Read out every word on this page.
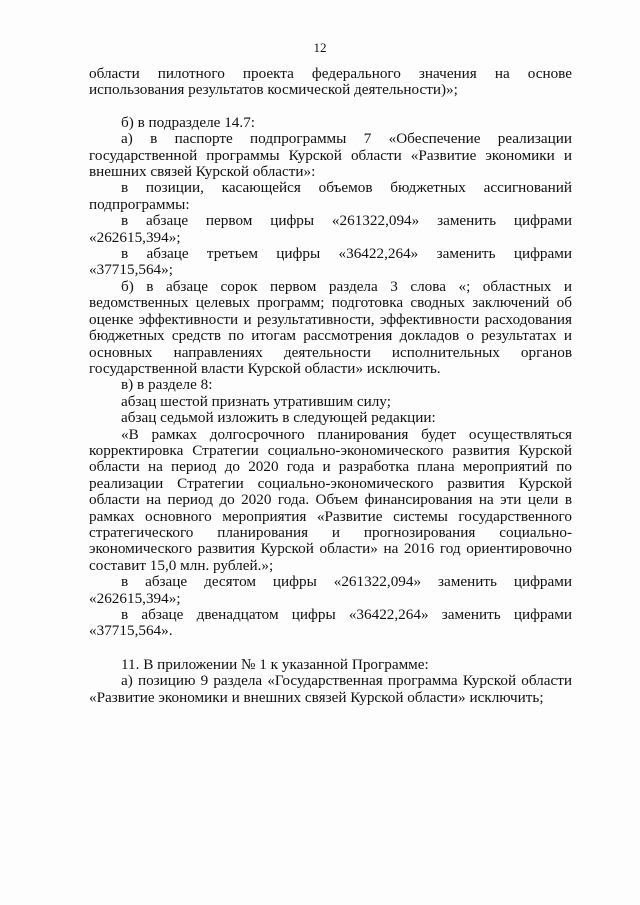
12

области пилотного проекта федерального значения на основе использования результатов космической деятельности)»;

б) в подразделе 14.7:

а) в паспорте подпрограммы 7 «Обеспечение реализации государственной программы Курской области «Развитие экономики и внешних связей Курской области»:

в позиции, касающейся объемов бюджетных ассигнований подпрограммы:

в абзаце первом цифры «261322,094» заменить цифрами «262615,394»;

в абзаце третьем цифры «36422,264» заменить цифрами «37715,564»;

б) в абзаце сорок первом раздела 3 слова «; областных и ведомственных целевых программ; подготовка сводных заключений об оценке эффективности и результативности, эффективности расходования бюджетных средств по итогам рассмотрения докладов о результатах и основных направлениях деятельности исполнительных органов государственной власти Курской области» исключить.

в) в разделе 8:

абзац шестой признать утратившим силу;

абзац седьмой изложить в следующей редакции:

«В рамках долгосрочного планирования будет осуществляться корректировка Стратегии социально-экономического развития Курской области на период до 2020 года и разработка плана мероприятий по реализации Стратегии социально-экономического развития Курской области на период до 2020 года. Объем финансирования на эти цели в рамках основного мероприятия «Развитие системы государственного стратегического планирования и прогнозирования социально-экономического развития Курской области» на 2016 год ориентировочно составит 15,0 млн. рублей.»;

в абзаце десятом цифры «261322,094» заменить цифрами «262615,394»;

в абзаце двенадцатом цифры «36422,264» заменить цифрами «37715,564».

11. В приложении № 1 к указанной Программе:

а) позицию 9 раздела «Государственная программа Курской области «Развитие экономики и внешних связей Курской области» исключить;
